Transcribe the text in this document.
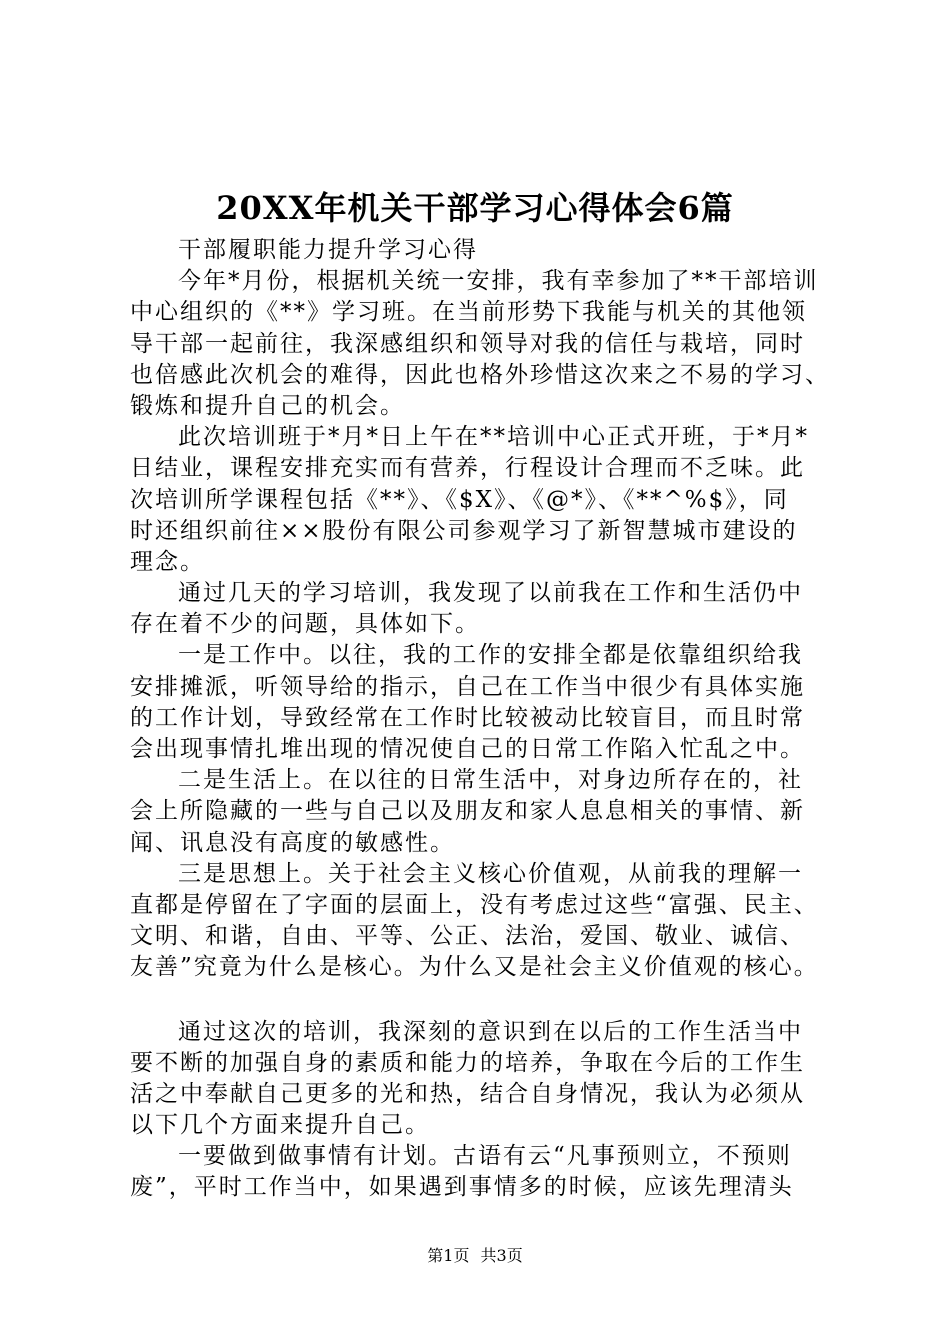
20XX年机关干部学习心得体会6篇
干部履职能力提升学习心得
今年*月份，根据机关统一安排，我有幸参加了**干部培训
中心组织的《**》学习班。在当前形势下我能与机关的其他领
导干部一起前往，我深感组织和领导对我的信任与栽培，同时
也倍感此次机会的难得，因此也格外珍惜这次来之不易的学习、
锻炼和提升自己的机会。
此次培训班于*月*日上午在**培训中心正式开班，于*月*
日结业，课程安排充实而有营养，行程设计合理而不乏味。此
次培训所学课程包括《**》、《$X》、《@*》、《**^%$》，同
时还组织前往××股份有限公司参观学习了新智慧城市建设的
理念。
通过几天的学习培训，我发现了以前我在工作和生活仍中
存在着不少的问题，具体如下。
一是工作中。以往，我的工作的安排全都是依靠组织给我
安排摊派，听领导给的指示，自己在工作当中很少有具体实施
的工作计划，导致经常在工作时比较被动比较盲目，而且时常
会出现事情扎堆出现的情况使自己的日常工作陷入忙乱之中。
二是生活上。在以往的日常生活中，对身边所存在的，社
会上所隐藏的一些与自己以及朋友和家人息息相关的事情、新
闻、讯息没有高度的敏感性。
三是思想上。关于社会主义核心价值观，从前我的理解一
直都是停留在了字面的层面上，没有考虑过这些“富强、民主、
文明、和谐，自由、平等、公正、法治，爱国、敬业、诚信、
友善”究竟为什么是核心。为什么又是社会主义价值观的核心。
通过这次的培训，我深刻的意识到在以后的工作生活当中
要不断的加强自身的素质和能力的培养，争取在今后的工作生
活之中奉献自己更多的光和热，结合自身情况，我认为必须从
以下几个方面来提升自己。
一要做到做事情有计划。古语有云“凡事预则立，不预则
废”，平时工作当中，如果遇到事情多的时候，应该先理清头
第1页 共3页
